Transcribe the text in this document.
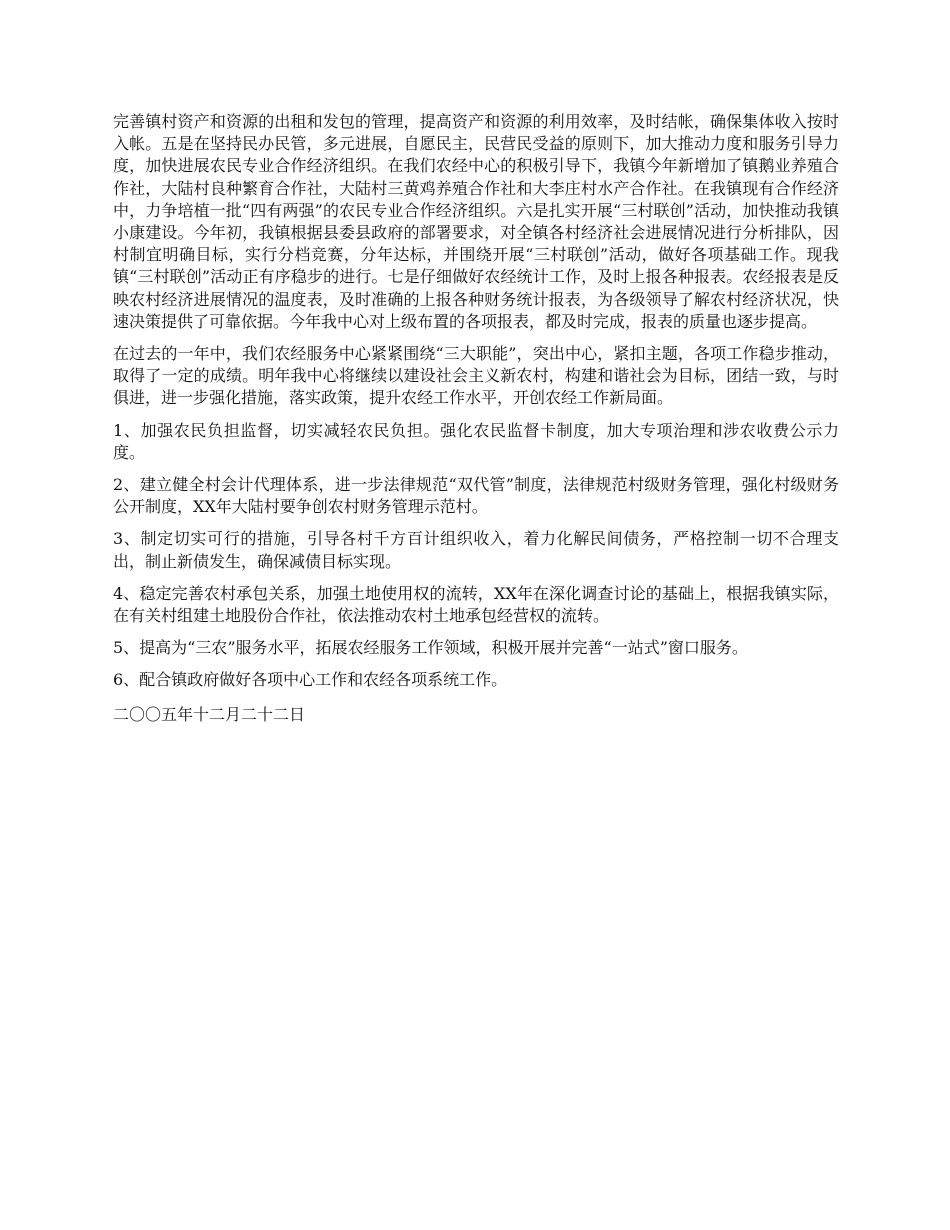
完善镇村资产和资源的出租和发包的管理，提高资产和资源的利用效率，及时结帐，确保集体收入按时入帐。五是在坚持民办民管，多元进展，自愿民主，民营民受益的原则下，加大推动力度和服务引导力度，加快进展农民专业合作经济组织。在我们农经中心的积极引导下，我镇今年新增加了镇鹅业养殖合作社，大陆村良种繁育合作社，大陆村三黄鸡养殖合作社和大李庄村水产合作社。在我镇现有合作经济中，力争培植一批“四有两强”的农民专业合作经济组织。六是扎实开展“三村联创”活动，加快推动我镇小康建设。今年初，我镇根据县委县政府的部署要求，对全镇各村经济社会进展情况进行分析排队，因村制宜明确目标，实行分档竞赛，分年达标，并围绕开展“三村联创”活动，做好各项基础工作。现我镇“三村联创”活动正有序稳步的进行。七是仔细做好农经统计工作，及时上报各种报表。农经报表是反映农村经济进展情况的温度表，及时准确的上报各种财务统计报表，为各级领导了解农村经济状况，快速决策提供了可靠依据。今年我中心对上级布置的各项报表，都及时完成，报表的质量也逐步提高。

在过去的一年中，我们农经服务中心紧紧围绕“三大职能”，突出中心，紧扣主题，各项工作稳步推动，取得了一定的成绩。明年我中心将继续以建设社会主义新农村，构建和谐社会为目标，团结一致，与时俱进，进一步强化措施，落实政策，提升农经工作水平，开创农经工作新局面。

1、加强农民负担监督，切实减轻农民负担。强化农民监督卡制度，加大专项治理和涉农收费公示力度。

2、建立健全村会计代理体系，进一步法律规范“双代管”制度，法律规范村级财务管理，强化村级财务公开制度，XX年大陆村要争创农村财务管理示范村。

3、制定切实可行的措施，引导各村千方百计组织收入，着力化解民间债务，严格控制一切不合理支出，制止新债发生，确保减债目标实现。

4、稳定完善农村承包关系，加强土地使用权的流转，XX年在深化调查讨论的基础上，根据我镇实际，在有关村组建土地股份合作社，依法推动农村土地承包经营权的流转。

5、提高为“三农”服务水平，拓展农经服务工作领域，积极开展并完善“一站式”窗口服务。

6、配合镇政府做好各项中心工作和农经各项系统工作。

二〇〇五年十二月二十二日
